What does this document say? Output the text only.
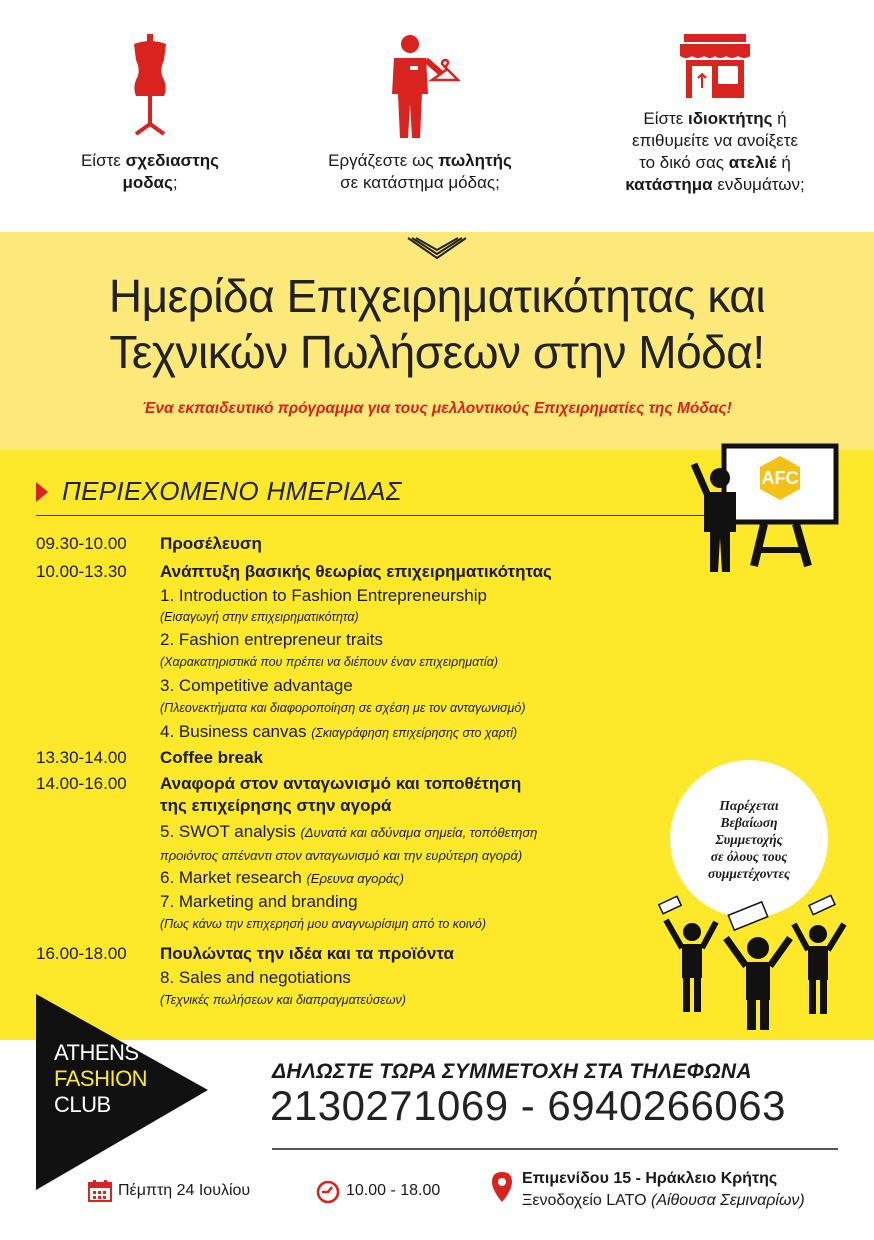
Είστε σχεδιαστης
μοδας;
Εργάζεστε ως πωλητής
σε κατάστημα μόδας;
Είστε ιδιοκτήτης ή
επιθυμείτε να ανοίξετε
το δικό σας ατελιέ ή
κατάστημα ενδυμάτων;
Ημερίδα Επιχειρηματικότητας και
Τεχνικών Πωλήσεων στην Μόδα!
Ένα εκπαιδευτικό πρόγραμμα για τους μελλοντικούς Επιχειρηματίες της Μόδας!
ΠΕΡΙΕΧΟΜΕΝΟ ΗΜΕΡΙΔΑΣ	AFC
09.30-10.00	Προσέλευση
10.00-13.30	Ανάπτυξη βασικής θεωρίας επιχειρηματικότητας
1. Introduction to Fashion Entrepreneurship
(Εισαγωγή στην επιχειρηματικότητα)
2. Fashion entrepreneur traits
(Χαρακατηριστικά που πρέπει να διέπουν έναν επιχειρηματία)
3. Competitive advantage
(Πλεονεκτήματα και διαφοροποίηση σε σχέση με τον ανταγωνισμό)
4. Business canvas (Σκιαγράφηση επιχείρησης στο χαρτί)
13.30-14.00	Coffee break
14.00-16.00	Αναφορά στον ανταγωνισμό και τοποθέτηση
της επιχείρησης στην αγορά
5. SWOT analysis (Δυνατά και αδύναμα σημεία, τοπόθετηση
προιόντος απέναντι στον ανταγωνισμό και την ευρύτερη αγορά)
6. Market research (Ερευνα αγοράς)
7. Marketing and branding
(Πως κάνω την επιχερησή μου αναγνωρίσιμη από το κοινό)
16.00-18.00	Πουλώντας την ιδέα και τα προϊόντα
8. Sales and negotiations
(Τεχνικές πωλήσεων και διαπραγματεύσεων)
Παρέχεται
Βεβαίωση
Συμμετοχής
σε όλους τους
συμμετέχοντες
ATHENS
FASHION
CLUB
ΔΗΛΩΣΤΕ ΤΩΡΑ ΣΥΜΜΕΤΟΧΗ ΣΤΑ ΤΗΛΕΦΩΝΑ
2130271069 - 6940266063
Πέμπτη 24 Ιουλίου	10.00 - 18.00
Επιμενίδου 15 - Ηράκλειο Κρήτης
Ξενοδοχείο LATO (Αίθουσα Σεμιναρίων)
